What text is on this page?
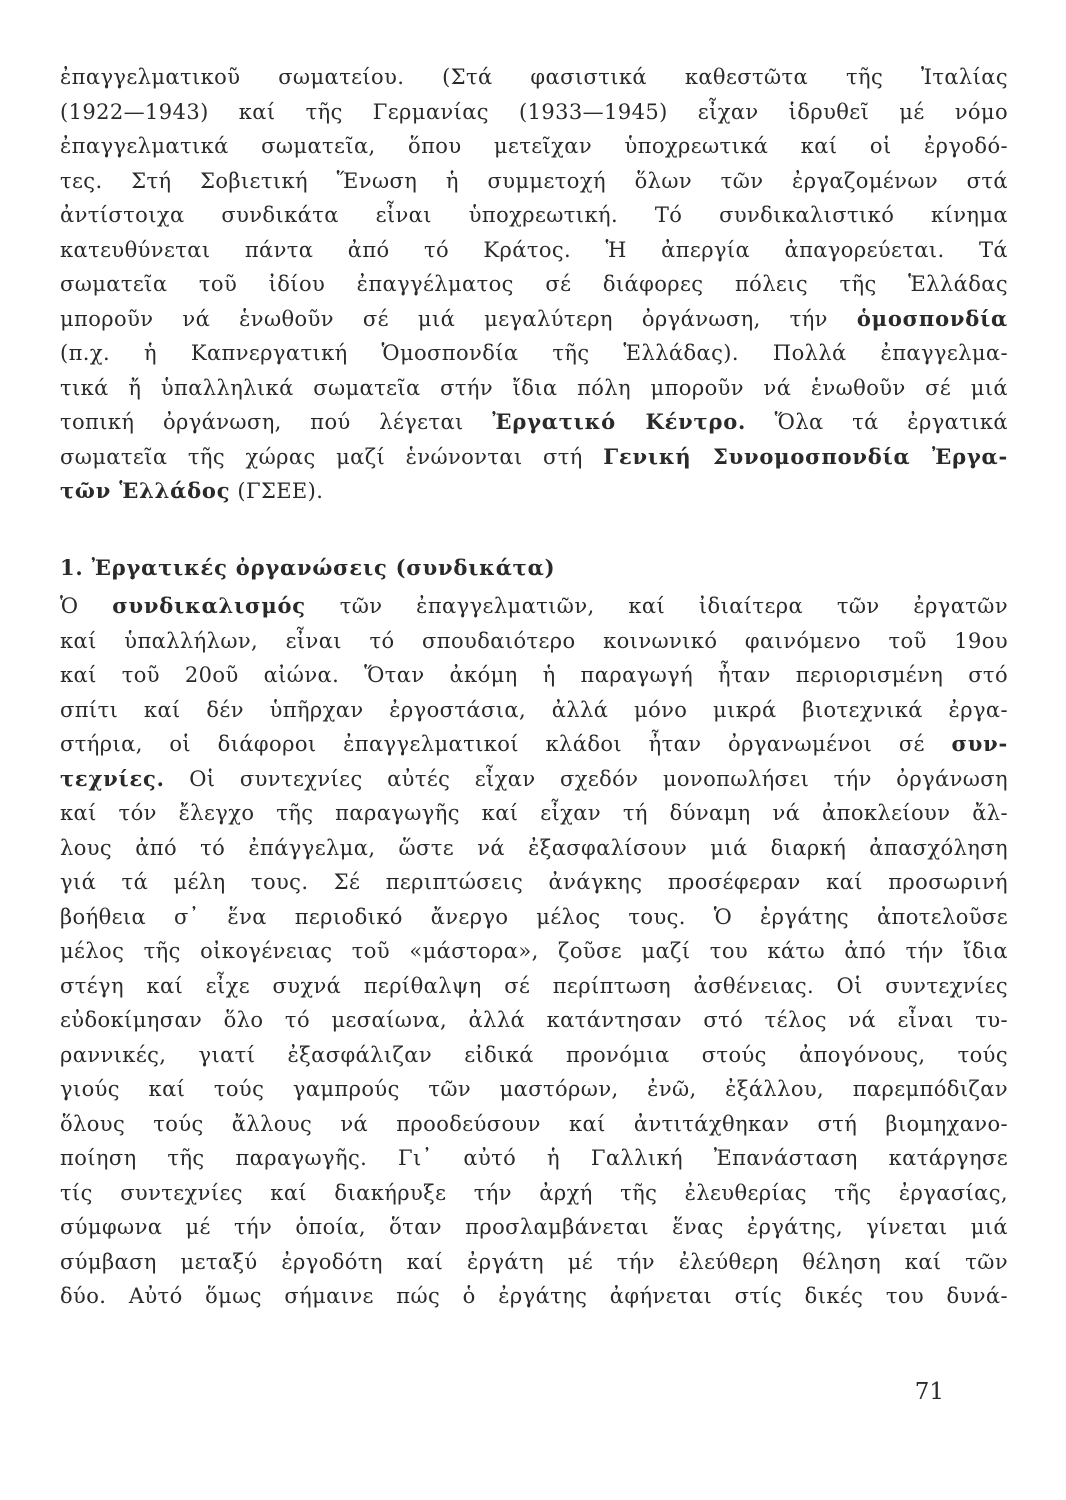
ἐπαγγελματικοῦ σωματείου. (Στά φασιστικά καθεστῶτα τῆς Ἰταλίας
(1922—1943) καί τῆς Γερμανίας (1933—1945) εἶχαν ἱδρυθεῖ μέ νόμο
ἐπαγγελματικά σωματεῖα, ὅπου μετεῖχαν ὑποχρεωτικά καί οἱ ἐργοδό-
τες. Στή Σοβιετική Ἕνωση ἡ συμμετοχή ὅλων τῶν ἐργαζομένων στά
ἀντίστοιχα συνδικάτα εἶναι ὑποχρεωτική. Τό συνδικαλιστικό κίνημα
κατευθύνεται πάντα ἀπό τό Κράτος. Ἡ ἀπεργία ἀπαγορεύεται. Τά
σωματεῖα τοῦ ἰδίου ἐπαγγέλματος σέ διάφορες πόλεις τῆς Ἑλλάδας
μποροῦν νά ἑνωθοῦν σέ μιά μεγαλύτερη ὀργάνωση, τήν ὁμοσπονδία
(π.χ. ἡ Καπνεργατική Ὁμοσπονδία τῆς Ἑλλάδας). Πολλά ἐπαγγελμα-
τικά ἤ ὑπαλληλικά σωματεῖα στήν ἴδια πόλη μποροῦν νά ἑνωθοῦν σέ μιά
τοπική ὀργάνωση, πού λέγεται Ἐργατικό Κέντρο. Ὅλα τά ἐργατικά
σωματεῖα τῆς χώρας μαζί ἑνώνονται στή Γενική Συνομοσπονδία Ἐργα-
τῶν Ἑλλάδος (ΓΣΕΕ).
1. Ἐργατικές ὀργανώσεις (συνδικάτα)
Ὁ συνδικαλισμός τῶν ἐπαγγελματιῶν, καί ἰδιαίτερα τῶν ἐργατῶν
καί ὑπαλλήλων, εἶναι τό σπουδαιότερο κοινωνικό φαινόμενο τοῦ 19ου
καί τοῦ 20οῦ αἰώνα. Ὅταν ἀκόμη ἡ παραγωγή ἦταν περιορισμένη στό
σπίτι καί δέν ὑπῆρχαν ἐργοστάσια, ἀλλά μόνο μικρά βιοτεχνικά ἐργα-
στήρια, οἱ διάφοροι ἐπαγγελματικοί κλάδοι ἦταν ὀργανωμένοι σέ συν-
τεχνίες. Οἱ συντεχνίες αὐτές εἶχαν σχεδόν μονοπωλήσει τήν ὀργάνωση
καί τόν ἔλεγχο τῆς παραγωγῆς καί εἶχαν τή δύναμη νά ἀποκλείουν ἄλ-
λους ἀπό τό ἐπάγγελμα, ὥστε νά ἐξασφαλίσουν μιά διαρκή ἀπασχόληση
γιά τά μέλη τους. Σέ περιπτώσεις ἀνάγκης προσέφεραν καί προσωρινή
βοήθεια σ᾽ ἕνα περιοδικό ἄνεργο μέλος τους. Ὁ ἐργάτης ἀποτελοῦσε
μέλος τῆς οἰκογένειας τοῦ «μάστορα», ζοῦσε μαζί του κάτω ἀπό τήν ἴδια
στέγη καί εἶχε συχνά περίθαλψη σέ περίπτωση ἀσθένειας. Οἱ συντεχνίες
εὐδοκίμησαν ὅλο τό μεσαίωνα, ἀλλά κατάντησαν στό τέλος νά εἶναι τυ-
ραννικές, γιατί ἐξασφάλιζαν εἰδικά προνόμια στούς ἀπογόνους, τούς
γιούς καί τούς γαμπρούς τῶν μαστόρων, ἐνῶ, ἐξάλλου, παρεμπόδιζαν
ὅλους τούς ἄλλους νά προοδεύσουν καί ἀντιτάχθηκαν στή βιομηχανο-
ποίηση τῆς παραγωγῆς. Γι᾽ αὐτό ἡ Γαλλική Ἐπανάσταση κατάργησε
τίς συντεχνίες καί διακήρυξε τήν ἀρχή τῆς ἐλευθερίας τῆς ἐργασίας,
σύμφωνα μέ τήν ὁποία, ὅταν προσλαμβάνεται ἕνας ἐργάτης, γίνεται μιά
σύμβαση μεταξύ ἐργοδότη καί ἐργάτη μέ τήν ἐλεύθερη θέληση καί τῶν
δύο. Αὐτό ὅμως σήμαινε πώς ὁ ἐργάτης ἀφήνεται στίς δικές του δυνά-
71
